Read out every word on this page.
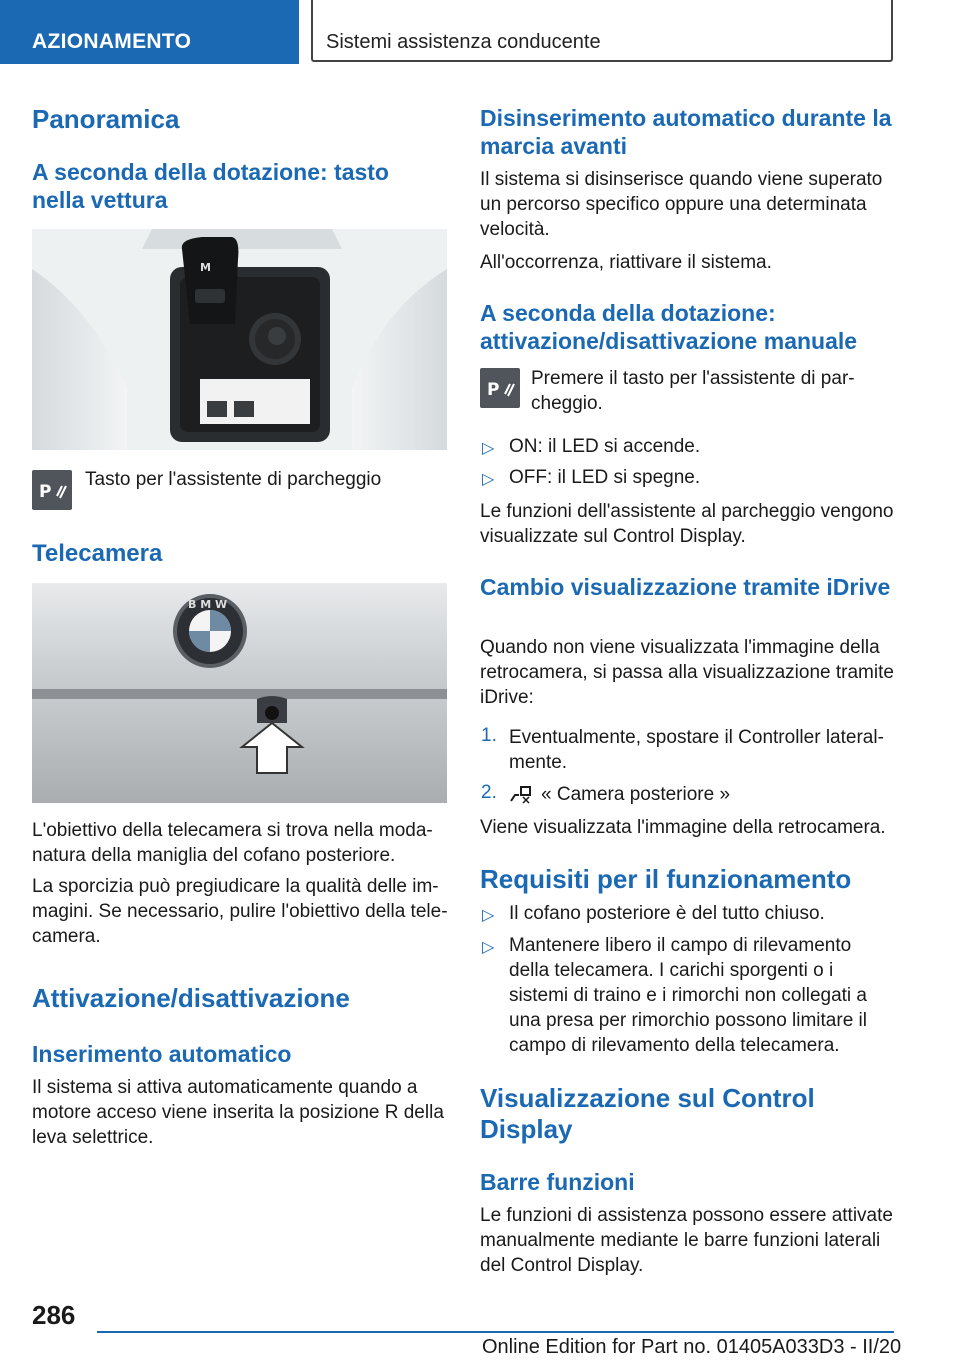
AZIONAMENTO	Sistemi assistenza conducente
Panoramica
A seconda della dotazione: tasto nella vettura
M
P
Tasto per l'assistente di parcheggio
Telecamera
B M W
L'obiettivo della telecamera si trova nella modanatura della maniglia del cofano posteriore.
La sporcizia può pregiudicare la qualità delle immagini. Se necessario, pulire l'obiettivo della telecamera.
Attivazione/disattivazione
Inserimento automatico
Il sistema si attiva automaticamente quando a motore acceso viene inserita la posizione R della leva selettrice.
Disinserimento automatico durante la marcia avanti
Il sistema si disinserisce quando viene superato un percorso specifico oppure una determinata velocità.
All'occorrenza, riattivare il sistema.
A seconda della dotazione: attivazione/disattivazione manuale
P
Premere il tasto per l'assistente di parcheggio.
▷ ON: il LED si accende.
▷ OFF: il LED si spegne.
Le funzioni dell'assistente al parcheggio vengono visualizzate sul Control Display.
Cambio visualizzazione tramite iDrive
Quando non viene visualizzata l'immagine della retrocamera, si passa alla visualizzazione tramite iDrive:
1. Eventualmente, spostare il Controller lateralmente.
2. « Camera posteriore »
Viene visualizzata l'immagine della retrocamera.
Requisiti per il funzionamento
▷ Il cofano posteriore è del tutto chiuso.
▷ Mantenere libero il campo di rilevamento della telecamera. I carichi sporgenti o i sistemi di traino e i rimorchi non collegati a una presa per rimorchio possono limitare il campo di rilevamento della telecamera.
Visualizzazione sul Control Display
Barre funzioni
Le funzioni di assistenza possono essere attivate manualmente mediante le barre funzioni laterali del Control Display.
286
Online Edition for Part no. 01405A033D3 - II/20
